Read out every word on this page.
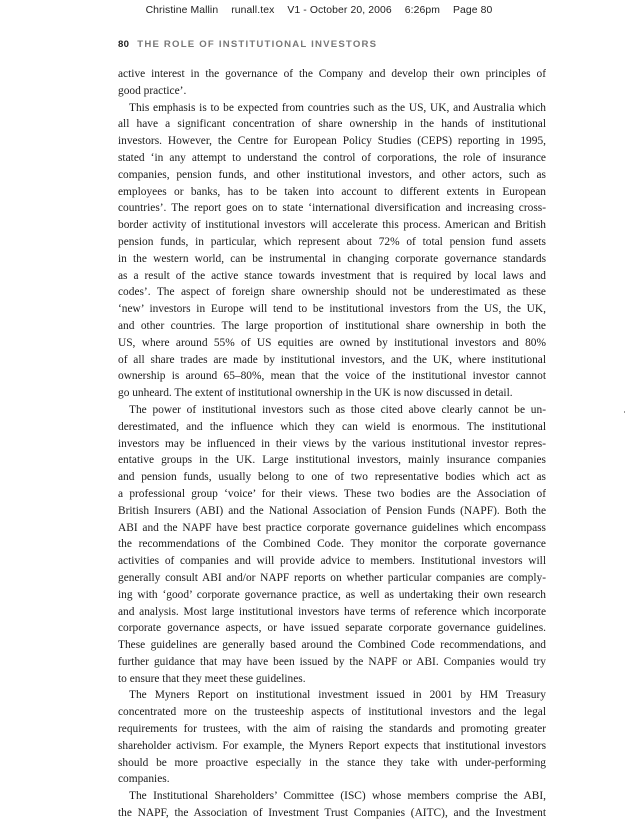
Christine Mallin runall.tex V1 - October 20, 2006 6:26pm Page 80
80 THE ROLE OF INSTITUTIONAL INVESTORS
active interest in the governance of the Company and develop their own principles of
good practice’.
This emphasis is to be expected from countries such as the US, UK, and Australia which
all have a significant concentration of share ownership in the hands of institutional
investors. However, the Centre for European Policy Studies (CEPS) reporting in 1995,
stated ‘in any attempt to understand the control of corporations, the role of insurance
companies, pension funds, and other institutional investors, and other actors, such as
employees or banks, has to be taken into account to different extents in European
countries’. The report goes on to state ‘international diversification and increasing cross-
border activity of institutional investors will accelerate this process. American and British
pension funds, in particular, which represent about 72% of total pension fund assets
in the western world, can be instrumental in changing corporate governance standards
as a result of the active stance towards investment that is required by local laws and
codes’. The aspect of foreign share ownership should not be underestimated as these
‘new’ investors in Europe will tend to be institutional investors from the US, the UK,
and other countries. The large proportion of institutional share ownership in both the
US, where around 55% of US equities are owned by institutional investors and 80%
of all share trades are made by institutional investors, and the UK, where institutional
ownership is around 65–80%, mean that the voice of the institutional investor cannot
go unheard. The extent of institutional ownership in the UK is now discussed in detail.
The power of institutional investors such as those cited above clearly cannot be un-
derestimated, and the influence which they can wield is enormous. The institutional
investors may be influenced in their views by the various institutional investor repres-
entative groups in the UK. Large institutional investors, mainly insurance companies
and pension funds, usually belong to one of two representative bodies which act as
a professional group ‘voice’ for their views. These two bodies are the Association of
British Insurers (ABI) and the National Association of Pension Funds (NAPF). Both the
ABI and the NAPF have best practice corporate governance guidelines which encompass
the recommendations of the Combined Code. They monitor the corporate governance
activities of companies and will provide advice to members. Institutional investors will
generally consult ABI and/or NAPF reports on whether particular companies are comply-
ing with ‘good’ corporate governance practice, as well as undertaking their own research
and analysis. Most large institutional investors have terms of reference which incorporate
corporate governance aspects, or have issued separate corporate governance guidelines.
These guidelines are generally based around the Combined Code recommendations, and
further guidance that may have been issued by the NAPF or ABI. Companies would try
to ensure that they meet these guidelines.
The Myners Report on institutional investment issued in 2001 by HM Treasury
concentrated more on the trusteeship aspects of institutional investors and the legal
requirements for trustees, with the aim of raising the standards and promoting greater
shareholder activism. For example, the Myners Report expects that institutional investors
should be more proactive especially in the stance they take with under-performing
companies.
The Institutional Shareholders’ Committee (ISC) whose members comprise the ABI,
the NAPF, the Association of Investment Trust Companies (AITC), and the Investment
